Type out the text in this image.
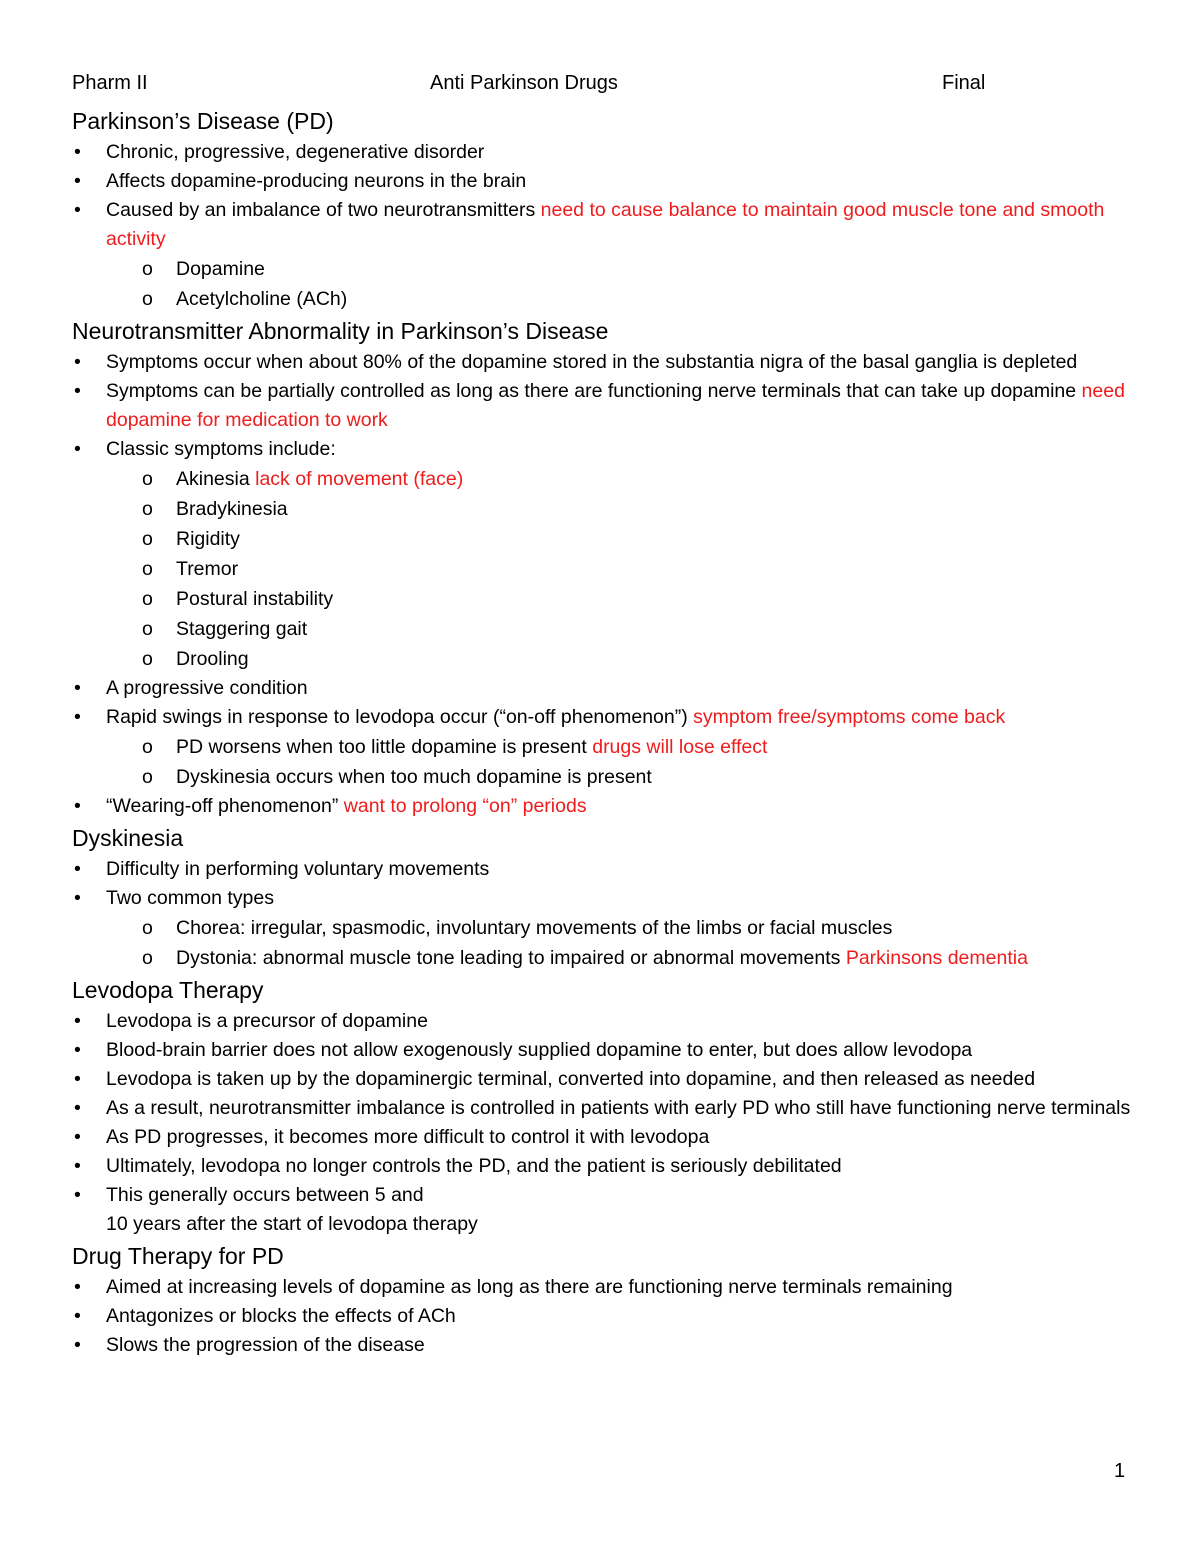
Pharm II	Anti Parkinson Drugs	Final
Parkinson’s Disease (PD)
• Chronic, progressive, degenerative disorder
• Affects dopamine-producing neurons in the brain
• Caused by an imbalance of two neurotransmitters need to cause balance to maintain good muscle tone and smooth activity
o Dopamine
o Acetylcholine (ACh)
Neurotransmitter Abnormality in Parkinson’s Disease
• Symptoms occur when about 80% of the dopamine stored in the substantia nigra of the basal ganglia is depleted
• Symptoms can be partially controlled as long as there are functioning nerve terminals that can take up dopamine need dopamine for medication to work
• Classic symptoms include:
o Akinesia lack of movement (face)
o Bradykinesia
o Rigidity
o Tremor
o Postural instability
o Staggering gait
o Drooling
• A progressive condition
• Rapid swings in response to levodopa occur (“on-off phenomenon”) symptom free/symptoms come back
o PD worsens when too little dopamine is present drugs will lose effect
o Dyskinesia occurs when too much dopamine is present
• “Wearing-off phenomenon” want to prolong “on” periods
Dyskinesia
• Difficulty in performing voluntary movements
• Two common types
o Chorea: irregular, spasmodic, involuntary movements of the limbs or facial muscles
o Dystonia: abnormal muscle tone leading to impaired or abnormal movements Parkinsons dementia
Levodopa Therapy
• Levodopa is a precursor of dopamine
• Blood-brain barrier does not allow exogenously supplied dopamine to enter, but does allow levodopa
• Levodopa is taken up by the dopaminergic terminal, converted into dopamine, and then released as needed
• As a result, neurotransmitter imbalance is controlled in patients with early PD who still have functioning nerve terminals
• As PD progresses, it becomes more difficult to control it with levodopa
• Ultimately, levodopa no longer controls the PD, and the patient is seriously debilitated
• This generally occurs between 5 and
10 years after the start of levodopa therapy
Drug Therapy for PD
• Aimed at increasing levels of dopamine as long as there are functioning nerve terminals remaining
• Antagonizes or blocks the effects of ACh
• Slows the progression of the disease
1
